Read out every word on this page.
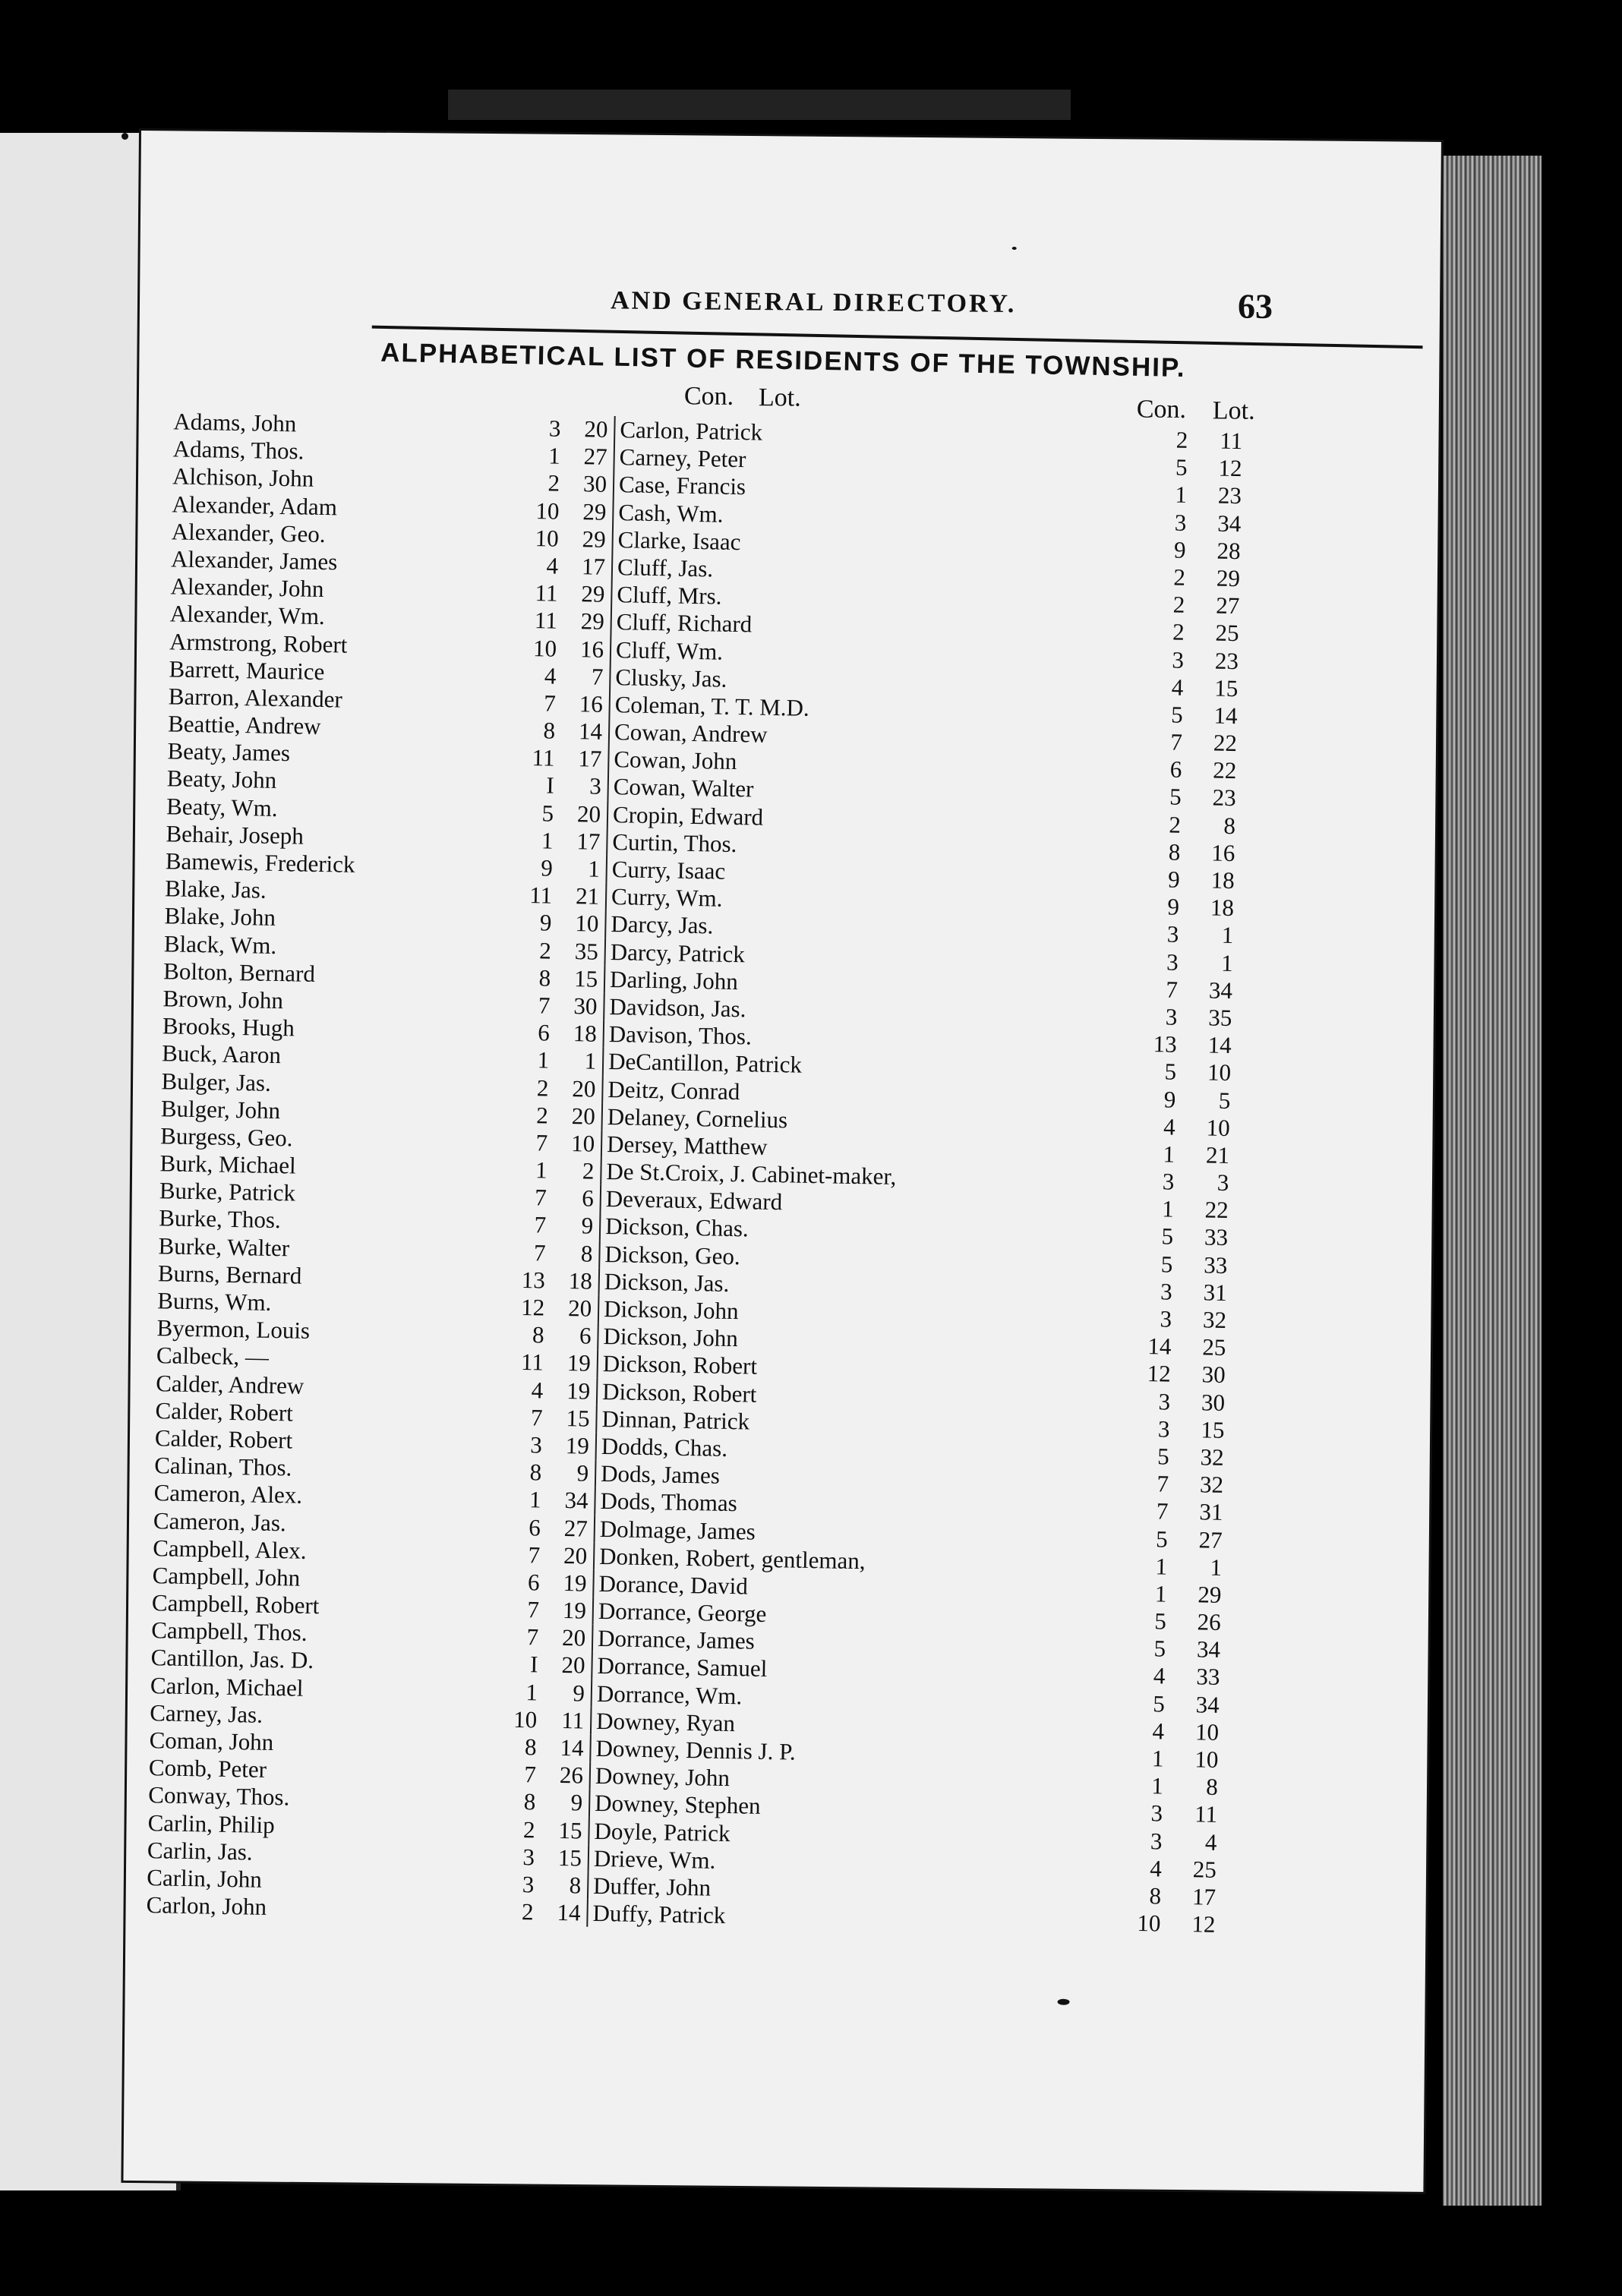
AND GENERAL DIRECTORY.	63
ALPHABETICAL LIST OF RESIDENTS OF THE TOWNSHIP.
Con. Lot.	Con. Lot.
Adams, John	3 20 Carlon, Patrick	2	11
Adams, Thos.	1 27 Carney, Peter	5	12
Alchison, John	2 30 Case, Francis	1	23
Alexander, Adam	10 29 Cash, Wm.	3	34
Alexander, Geo.	10 29 Clarke, Isaac	9	28
Alexander, James	4 17 Cluff, Jas.	2	29
Alexander, John	11 29 Cluff, Mrs.	2	27
Alexander, Wm.	11 29 Cluff, Richard	2	25
Armstrong, Robert	10 16 Cluff, Wm.	3	23
Barrett, Maurice	4	7 Clusky, Jas.	4	15
Barron, Alexander	7 16 Coleman, T. T. M.D.	5	14
Beattie, Andrew	8 14 Cowan, Andrew	7	22
Beaty, James	11 17 Cowan, John	6	22
Beaty, John	I	3 Cowan, Walter	5	23
Beaty, Wm.	5 20 Cropin, Edward	2	8
Behair, Joseph	1 17 Curtin, Thos.	8	16
Bamewis, Frederick	9	1 Curry, Isaac	9	18
Blake, Jas.	11 21 Curry, Wm.	9	18
Blake, John	9 10 Darcy, Jas.	3	1
Black, Wm.	2 35 Darcy, Patrick	3	1
Bolton, Bernard	8 15 Darling, John	7	34
Brown, John	7 30 Davidson, Jas.	3	35
Brooks, Hugh	6 18 Davison, Thos.	13	14
Buck, Aaron	1	1 DeCantillon, Patrick	5	10
Bulger, Jas.	2 20 Deitz, Conrad	9	5
Bulger, John	2 20 Delaney, Cornelius	4	10
Burgess, Geo.	7 10 Dersey, Matthew	1	21
Burk, Michael	1	2 De St.Croix, J. Cabinet-maker,	3	3
Burke, Patrick	7	6 Deveraux, Edward	1	22
Burke, Thos.	7	9 Dickson, Chas.	5	33
Burke, Walter	7	8 Dickson, Geo.	5	33
Burns, Bernard	13 18 Dickson, Jas.	3	31
Burns, Wm.	12 20 Dickson, John	3	32
Byermon, Louis	8	6 Dickson, John	14	25
Calbeck, —	11 19 Dickson, Robert	12	30
Calder, Andrew	4 19 Dickson, Robert	3	30
Calder, Robert	7 15 Dinnan, Patrick	3	15
Calder, Robert	3 19 Dodds, Chas.	5	32
Calinan, Thos.	8	9 Dods, James	7	32
Cameron, Alex.	1 34 Dods, Thomas	7	31
Cameron, Jas.	6 27 Dolmage, James	5	27
Campbell, Alex.	7 20 Donken, Robert, gentleman,	1	1
Campbell, John	6 19 Dorance, David	1	29
Campbell, Robert	7 19 Dorrance, George	5	26
Campbell, Thos.	7 20 Dorrance, James	5	34
Cantillon, Jas. D.	I 20 Dorrance, Samuel	4	33
Carlon, Michael	1	9 Dorrance, Wm.	5	34
Carney, Jas.	10	11 Downey, Ryan	4	10
Coman, John	8 14 Downey, Dennis J. P.	1	10
Comb, Peter	7 26 Downey, John	1	8
Conway, Thos.	8	9 Downey, Stephen	3	11
Carlin, Philip	2 15 Doyle, Patrick	3	4
Carlin, Jas.	3 15 Drieve, Wm.	4	25
Carlin, John	3	8 Duffer, John	8	17
Carlon, John	2 14 Duffy, Patrick	10	12
